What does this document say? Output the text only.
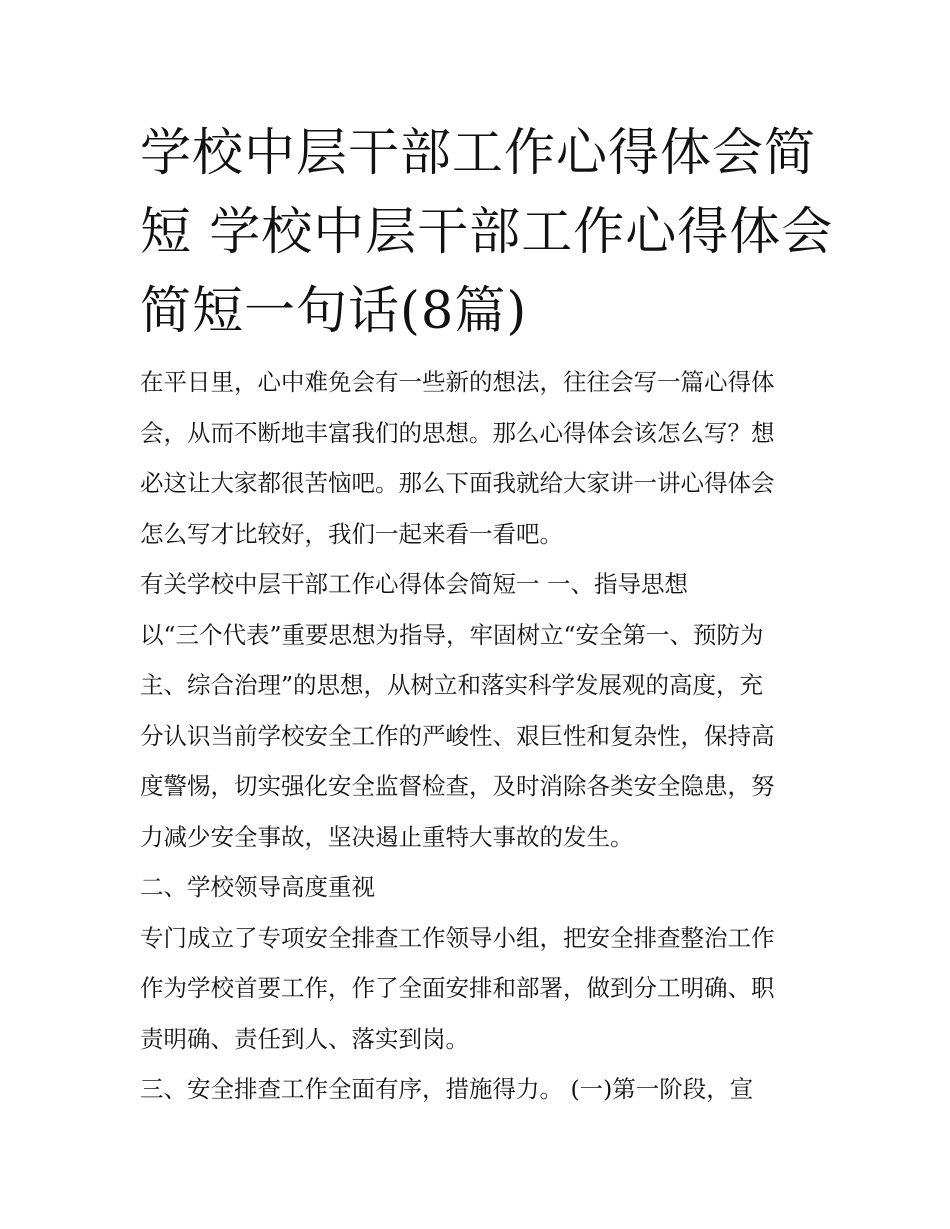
学校中层干部工作心得体会简
短 学校中层干部工作心得体会
简短一句话(8篇)
在平日里，心中难免会有一些新的想法，往往会写一篇心得体
会，从而不断地丰富我们的思想。那么心得体会该怎么写？想
必这让大家都很苦恼吧。那么下面我就给大家讲一讲心得体会
怎么写才比较好，我们一起来看一看吧。
有关学校中层干部工作心得体会简短一 一、指导思想
以“三个代表”重要思想为指导，牢固树立“安全第一、预防为
主、综合治理”的思想，从树立和落实科学发展观的高度，充
分认识当前学校安全工作的严峻性、艰巨性和复杂性，保持高
度警惕，切实强化安全监督检查，及时消除各类安全隐患，努
力减少安全事故，坚决遏止重特大事故的发生。
二、学校领导高度重视
专门成立了专项安全排查工作领导小组，把安全排查整治工作
作为学校首要工作，作了全面安排和部署，做到分工明确、职
责明确、责任到人、落实到岗。
三、安全排查工作全面有序，措施得力。 (一)第一阶段，宣
